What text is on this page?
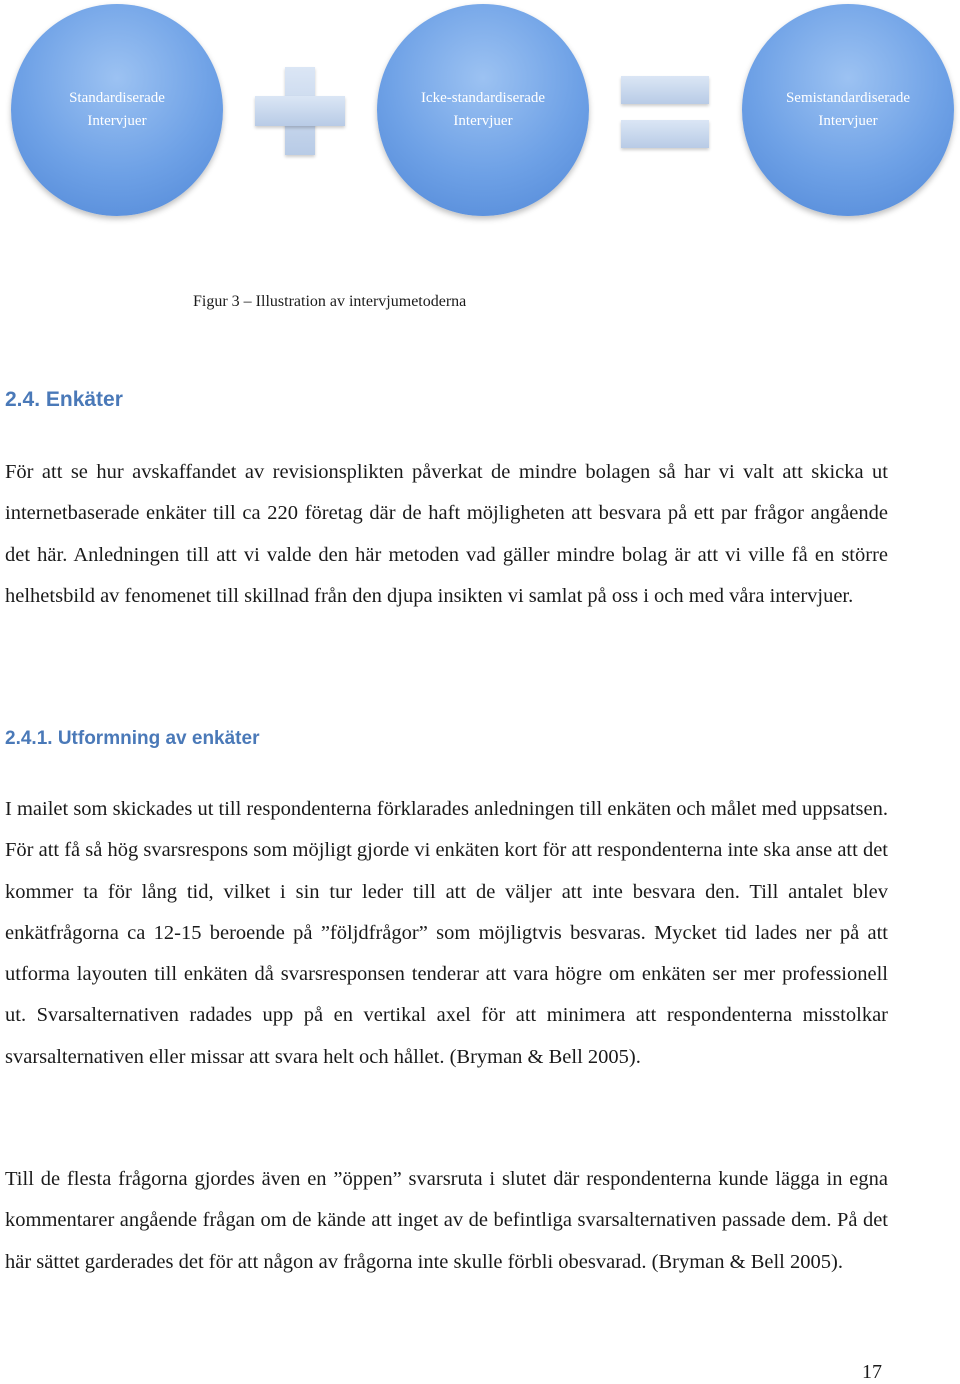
Standardiserade
Intervjuer
Icke-standardiserade
Intervjuer
Semistandardiserade
Intervjuer
Figur 3 – Illustration av intervjumetoderna
2.4. Enkäter

För att se hur avskaffandet av revisionsplikten påverkat de mindre bolagen så har vi valt att skicka ut internetbaserade enkäter till ca 220 företag där de haft möjligheten att besvara på ett par frågor angående det här. Anledningen till att vi valde den här metoden vad gäller mindre bolag är att vi ville få en större helhetsbild av fenomenet till skillnad från den djupa insikten vi samlat på oss i och med våra intervjuer.

2.4.1. Utformning av enkäter

I mailet som skickades ut till respondenterna förklarades anledningen till enkäten och målet med uppsatsen. För att få så hög svarsrespons som möjligt gjorde vi enkäten kort för att respondenterna inte ska anse att det kommer ta för lång tid, vilket i sin tur leder till att de väljer att inte besvara den. Till antalet blev enkätfrågorna ca 12-15 beroende på ”följdfrågor” som möjligtvis besvaras. Mycket tid lades ner på att utforma layouten till enkäten då svarsresponsen tenderar att vara högre om enkäten ser mer professionell ut. Svarsalternativen radades upp på en vertikal axel för att minimera att respondenterna misstolkar svarsalternativen eller missar att svara helt och hållet. (Bryman & Bell 2005).

Till de flesta frågorna gjordes även en ”öppen” svarsruta i slutet där respondenterna kunde lägga in egna kommentarer angående frågan om de kände att inget av de befintliga svarsalternativen passade dem. På det här sättet garderades det för att någon av frågorna inte skulle förbli obesvarad. (Bryman & Bell 2005).

17
